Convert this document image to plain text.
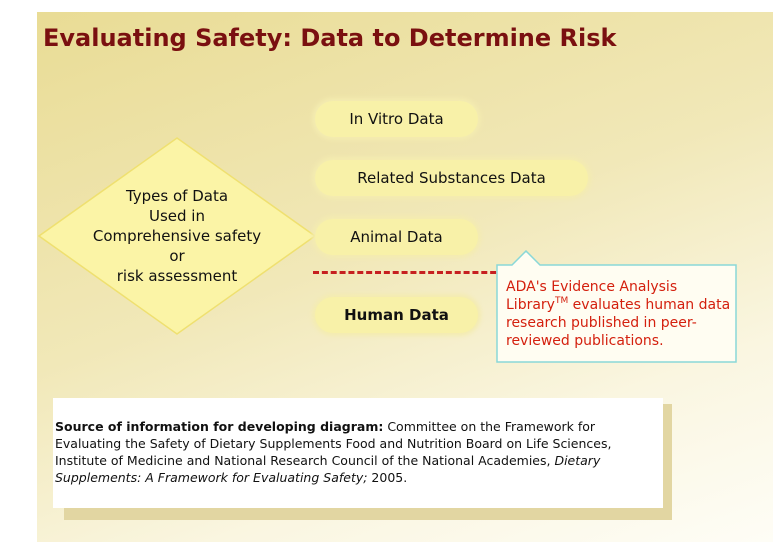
Evaluating Safety: Data to Determine Risk
Types of Data
Used in
Comprehensive safety
or
risk assessment
In Vitro Data
Related Substances Data
Animal Data
Human Data
ADA's Evidence Analysis Library™ evaluates human data research published in peer-reviewed publications.
Source of information for developing diagram: Committee on the Framework for Evaluating the Safety of Dietary Supplements Food and Nutrition Board on Life Sciences, Institute of Medicine and National Research Council of the National Academies, Dietary Supplements: A Framework for Evaluating Safety; 2005.
